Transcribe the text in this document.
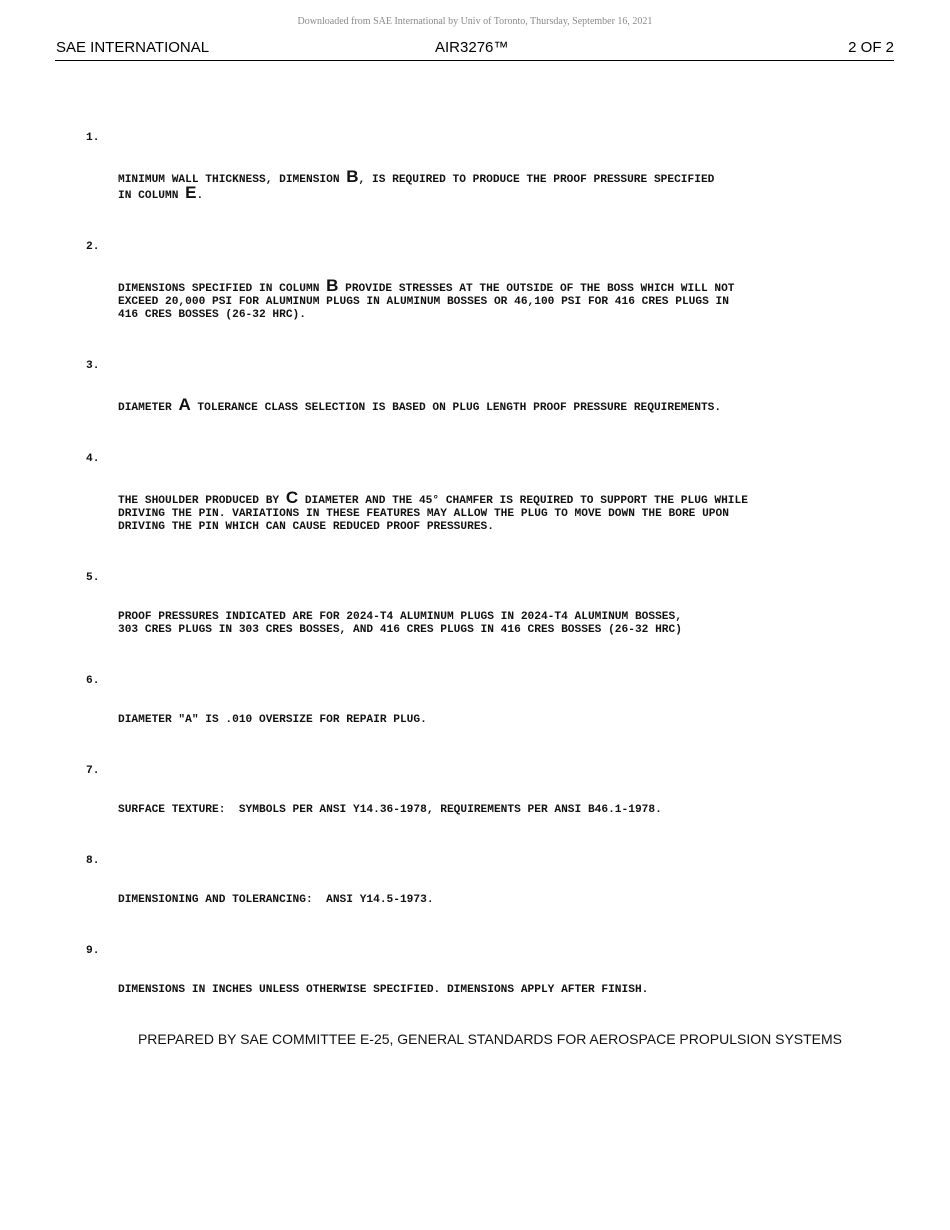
Downloaded from SAE International by Univ of Toronto, Thursday, September 16, 2021
SAE INTERNATIONAL	AIR3276™	2 OF 2

1.

MINIMUM WALL THICKNESS, DIMENSION B, IS REQUIRED TO PRODUCE THE PROOF PRESSURE SPECIFIED
IN COLUMN E.

2.

DIMENSIONS SPECIFIED IN COLUMN B PROVIDE STRESSES AT THE OUTSIDE OF THE BOSS WHICH WILL NOT
EXCEED 20,000 PSI FOR ALUMINUM PLUGS IN ALUMINUM BOSSES OR 46,100 PSI FOR 416 CRES PLUGS IN
416 CRES BOSSES (26-32 HRC).

3.

DIAMETER A TOLERANCE CLASS SELECTION IS BASED ON PLUG LENGTH PROOF PRESSURE REQUIREMENTS.

4.

THE SHOULDER PRODUCED BY C DIAMETER AND THE 45° CHAMFER IS REQUIRED TO SUPPORT THE PLUG WHILE
DRIVING THE PIN. VARIATIONS IN THESE FEATURES MAY ALLOW THE PLUG TO MOVE DOWN THE BORE UPON
DRIVING THE PIN WHICH CAN CAUSE REDUCED PROOF PRESSURES.

5.

PROOF PRESSURES INDICATED ARE FOR 2024-T4 ALUMINUM PLUGS IN 2024-T4 ALUMINUM BOSSES,
303 CRES PLUGS IN 303 CRES BOSSES, AND 416 CRES PLUGS IN 416 CRES BOSSES (26-32 HRC)

6.

DIAMETER "A" IS .010 OVERSIZE FOR REPAIR PLUG.

7.

SURFACE TEXTURE:  SYMBOLS PER ANSI Y14.36-1978, REQUIREMENTS PER ANSI B46.1-1978.

8.

DIMENSIONING AND TOLERANCING:  ANSI Y14.5-1973.

9.

DIMENSIONS IN INCHES UNLESS OTHERWISE SPECIFIED. DIMENSIONS APPLY AFTER FINISH.

PREPARED BY SAE COMMITTEE E-25, GENERAL STANDARDS FOR AEROSPACE PROPULSION SYSTEMS
